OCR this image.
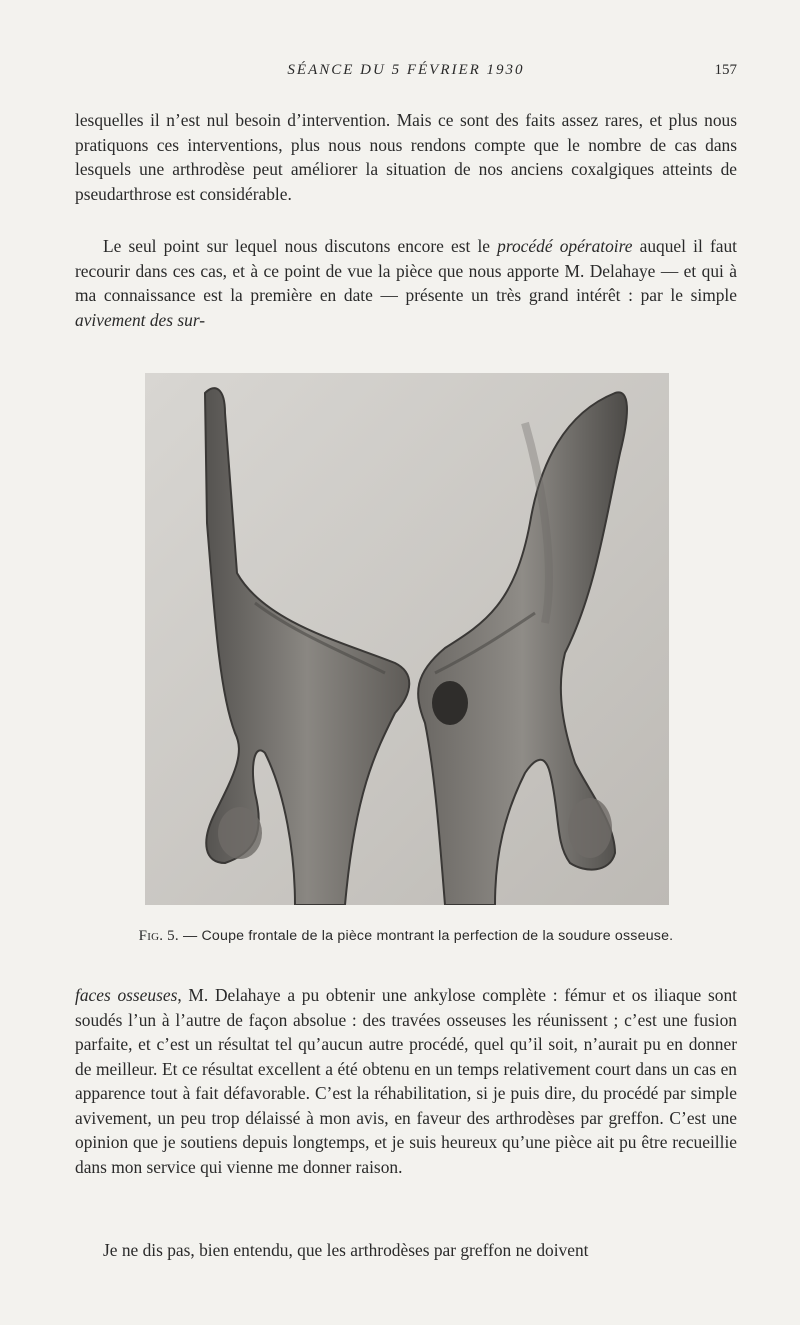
SÉANCE DU 5 FÉVRIER 1930	157

lesquelles il n’est nul besoin d’intervention. Mais ce sont des faits assez rares, et plus nous pratiquons ces interventions, plus nous nous rendons compte que le nombre de cas dans lesquels une arthrodèse peut améliorer la situation de nos anciens coxalgiques atteints de pseudarthrose est considérable.

Le seul point sur lequel nous discutons encore est le procédé opératoire auquel il faut recourir dans ces cas, et à ce point de vue la pièce que nous apporte M. Delahaye — et qui à ma connaissance est la première en date — présente un très grand intérêt : par le simple avivement des sur-

Fig. 5. — Coupe frontale de la pièce montrant la perfection de la soudure osseuse.

faces osseuses, M. Delahaye a pu obtenir une ankylose complète : fémur et os iliaque sont soudés l’un à l’autre de façon absolue : des travées osseuses les réunissent ; c’est une fusion parfaite, et c’est un résultat tel qu’aucun autre procédé, quel qu’il soit, n’aurait pu en donner de meilleur. Et ce résultat excellent a été obtenu en un temps relativement court dans un cas en apparence tout à fait défavorable. C’est la réhabilitation, si je puis dire, du procédé par simple avivement, un peu trop délaissé à mon avis, en faveur des arthrodèses par greffon. C’est une opinion que je soutiens depuis longtemps, et je suis heureux qu’une pièce ait pu être recueillie dans mon service qui vienne me donner raison.

Je ne dis pas, bien entendu, que les arthrodèses par greffon ne doivent
